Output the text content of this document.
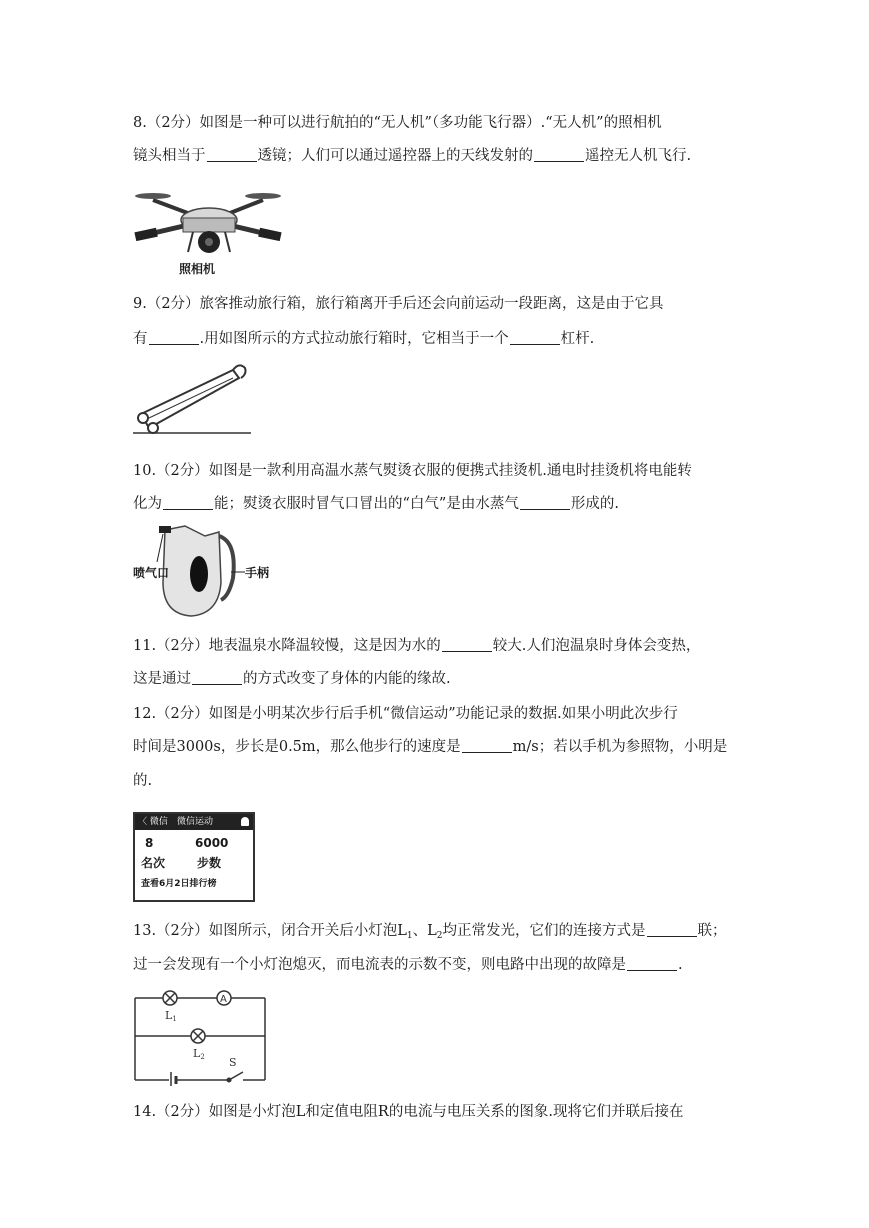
8.（2分）如图是一种可以进行航拍的“无人机”（多功能飞行器）.“无人机”的照相机
镜头相当于	透镜；人们可以通过遥控器上的天线发射的	遥控无人机飞行.
照相机
9.（2分）旅客推动旅行箱，旅行箱离开手后还会向前运动一段距离，这是由于它具
有	.用如图所示的方式拉动旅行箱时，它相当于一个	杠杆.
10.（2分）如图是一款利用高温水蒸气熨烫衣服的便携式挂烫机.通电时挂烫机将电能转
化为	能；熨烫衣服时冒气口冒出的“白气”是由水蒸气	形成的.
喷气口	手柄
11.（2分）地表温泉水降温较慢，这是因为水的	较大.人们泡温泉时身体会变热，
这是通过	的方式改变了身体的内能的缘故.
12.（2分）如图是小明某次步行后手机“微信运动”功能记录的数据.如果小明此次步行
时间是3000s，步长是0.5m，那么他步行的速度是	m/s；若以手机为参照物，小明是
的.
〈 微信 微信运动
8	6000
名次	步数
查看6月2日排行榜
13.（2分）如图所示，闭合开关后小灯泡$L_1$、$L_2$均正常发光，它们的连接方式是	联；
过一会发现有一个小灯泡熄灭，而电流表的示数不变，则电路中出现的故障是	.
A
L1
L2 S
14.（2分）如图是小灯泡L和定值电阻R的电流与电压关系的图象.现将它们并联后接在
